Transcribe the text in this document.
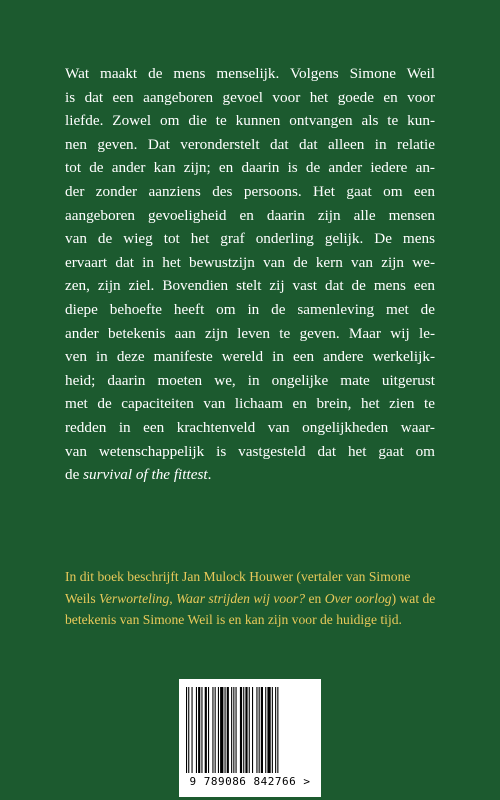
Wat maakt de mens menselijk. Volgens Simone Weil
is dat een aangeboren gevoel voor het goede en voor
liefde. Zowel om die te kunnen ontvangen als te kun-
nen geven. Dat veronderstelt dat dat alleen in relatie
tot de ander kan zijn; en daarin is de ander iedere an-
der zonder aanziens des persoons. Het gaat om een
aangeboren gevoeligheid en daarin zijn alle mensen
van de wieg tot het graf onderling gelijk. De mens
ervaart dat in het bewustzijn van de kern van zijn we-
zen, zijn ziel. Bovendien stelt zij vast dat de mens een
diepe behoefte heeft om in de samenleving met de
ander betekenis aan zijn leven te geven. Maar wij le-
ven in deze manifeste wereld in een andere werkelijk-
heid; daarin moeten we, in ongelijke mate uitgerust
met de capaciteiten van lichaam en brein, het zien te
redden in een krachtenveld van ongelijkheden waar-
van wetenschappelijk is vastgesteld dat het gaat om
de survival of the fittest.
In dit boek beschrijft Jan Mulock Houwer (vertaler van Simone
Weils Verworteling, Waar strijden wij voor? en Over oorlog) wat de
betekenis van Simone Weil is en kan zijn voor de huidige tijd.
9 789086 842766 >
